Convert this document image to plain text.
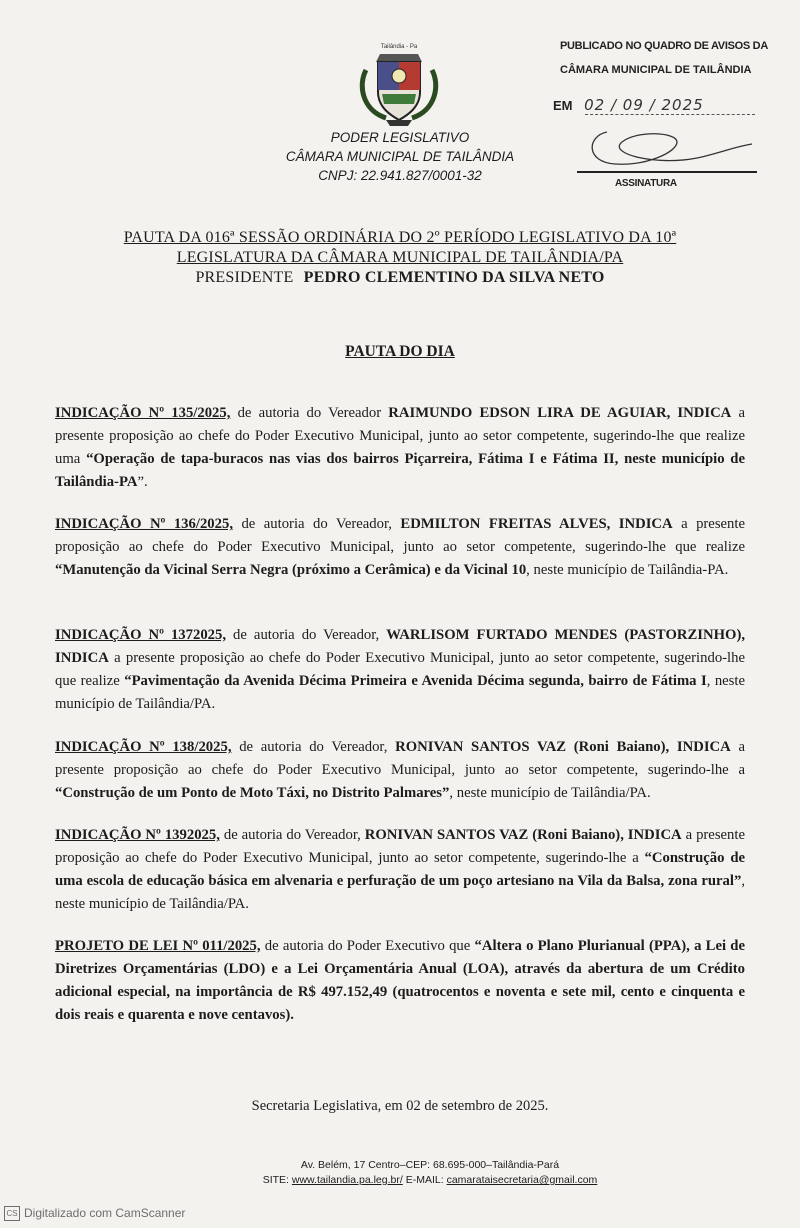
Tailândia - Pa
PODER LEGISLATIVO
CÂMARA MUNICIPAL DE TAILÂNDIA
CNPJ: 22.941.827/0001-32
PUBLICADO NO QUADRO DE AVISOS DA
CÂMARA MUNICIPAL DE TAILÂNDIA
EM 02 / 09 / 2025
ASSINATURA
PAUTA DA 016ª SESSÃO ORDINÁRIA DO 2º PERÍODO LEGISLATIVO DA 10ª
LEGISLATURA DA CÂMARA MUNICIPAL DE TAILÂNDIA/PA
PRESIDENTE PEDRO CLEMENTINO DA SILVA NETO
PAUTA DO DIA
INDICAÇÃO Nº 135/2025, de autoria do Vereador RAIMUNDO EDSON LIRA DE AGUIAR, INDICA a presente proposição ao chefe do Poder Executivo Municipal, junto ao setor competente, sugerindo-lhe que realize uma “Operação de tapa-buracos nas vias dos bairros Piçarreira, Fátima I e Fátima II, neste município de Tailândia-PA”.
INDICAÇÃO Nº 136/2025, de autoria do Vereador, EDMILTON FREITAS ALVES, INDICA a presente proposição ao chefe do Poder Executivo Municipal, junto ao setor competente, sugerindo-lhe que realize “Manutenção da Vicinal Serra Negra (próximo a Cerâmica) e da Vicinal 10, neste município de Tailândia-PA.
INDICAÇÃO Nº 1372025, de autoria do Vereador, WARLISOM FURTADO MENDES (PASTORZINHO), INDICA a presente proposição ao chefe do Poder Executivo Municipal, junto ao setor competente, sugerindo-lhe que realize “Pavimentação da Avenida Décima Primeira e Avenida Décima segunda, bairro de Fátima I, neste município de Tailândia/PA.
INDICAÇÃO Nº 138/2025, de autoria do Vereador, RONIVAN SANTOS VAZ (Roni Baiano), INDICA a presente proposição ao chefe do Poder Executivo Municipal, junto ao setor competente, sugerindo-lhe a “Construção de um Ponto de Moto Táxi, no Distrito Palmares”, neste município de Tailândia/PA.
INDICAÇÃO Nº 1392025, de autoria do Vereador, RONIVAN SANTOS VAZ (Roni Baiano), INDICA a presente proposição ao chefe do Poder Executivo Municipal, junto ao setor competente, sugerindo-lhe a “Construção de uma escola de educação básica em alvenaria e perfuração de um poço artesiano na Vila da Balsa, zona rural”, neste município de Tailândia/PA.
PROJETO DE LEI Nº 011/2025, de autoria do Poder Executivo que “Altera o Plano Plurianual (PPA), a Lei de Diretrizes Orçamentárias (LDO) e a Lei Orçamentária Anual (LOA), através da abertura de um Crédito adicional especial, na importância de R$ 497.152,49 (quatrocentos e noventa e sete mil, cento e cinquenta e dois reais e quarenta e nove centavos).
Secretaria Legislativa, em 02 de setembro de 2025.
Av. Belém, 17 Centro–CEP: 68.695-000–Tailândia-Pará
SITE: www.tailandia.pa.leg.br/ E-MAIL: camarataisecretaria@gmail.com
CS Digitalizado com CamScanner
